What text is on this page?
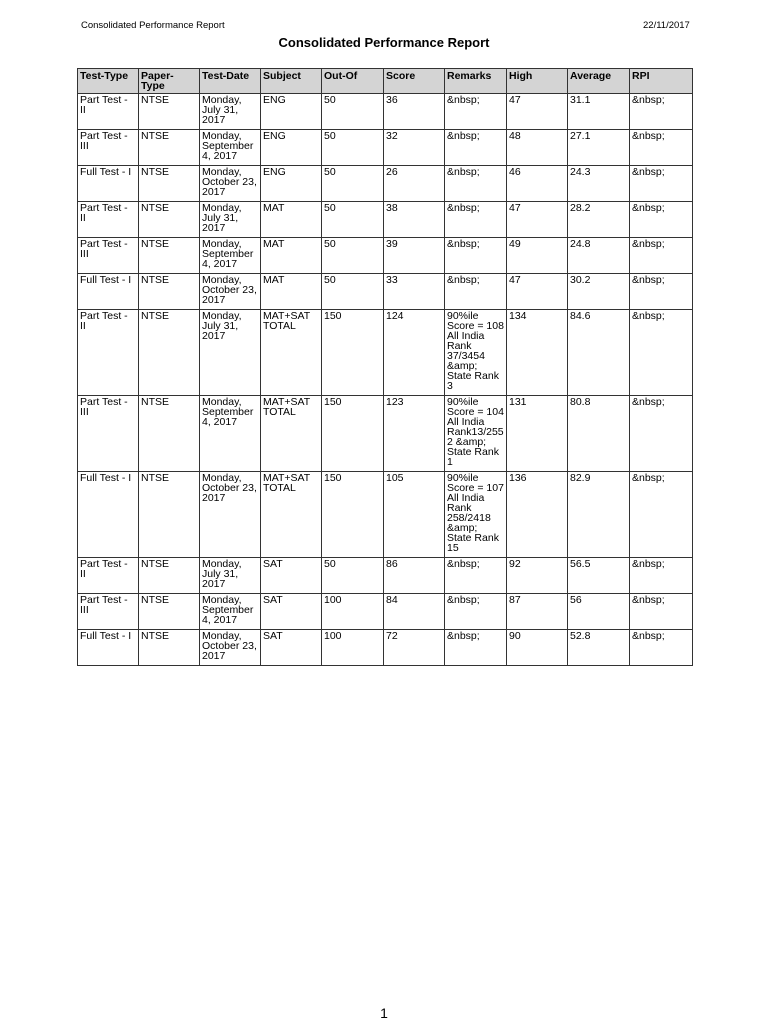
Consolidated Performance Report	22/11/2017
Consolidated Performance Report
Test-Type	Paper-Type	Test-Date	Subject	Out-Of	Score	Remarks	High	Average	RPI
Part Test - II	NTSE	Monday, July 31, 2017	ENG	50	36	&nbsp;	47	31.1	&nbsp;
Part Test - III	NTSE	Monday, September 4, 2017	ENG	50	32	&nbsp;	48	27.1	&nbsp;
Full Test - I	NTSE	Monday, October 23, 2017	ENG	50	26	&nbsp;	46	24.3	&nbsp;
Part Test - II	NTSE	Monday, July 31, 2017	MAT	50	38	&nbsp;	47	28.2	&nbsp;
Part Test - III	NTSE	Monday, September 4, 2017	MAT	50	39	&nbsp;	49	24.8	&nbsp;
Full Test - I	NTSE	Monday, October 23, 2017	MAT	50	33	&nbsp;	47	30.2	&nbsp;
Part Test - II	NTSE	Monday, July 31, 2017	MAT+SAT TOTAL	150	124	90%ile Score = 108 All India Rank 37/3454 &amp; State Rank 3	134	84.6	&nbsp;
Part Test - III	NTSE	Monday, September 4, 2017	MAT+SAT TOTAL	150	123	90%ile Score = 104 All India Rank13/2552 &amp; State Rank 1	131	80.8	&nbsp;
Full Test - I	NTSE	Monday, October 23, 2017	MAT+SAT TOTAL	150	105	90%ile Score = 107 All India Rank 258/2418 &amp; State Rank 15	136	82.9	&nbsp;
Part Test - II	NTSE	Monday, July 31, 2017	SAT	50	86	&nbsp;	92	56.5	&nbsp;
Part Test - III	NTSE	Monday, September 4, 2017	SAT	100	84	&nbsp;	87	56	&nbsp;
Full Test - I	NTSE	Monday, October 23, 2017	SAT	100	72	&nbsp;	90	52.8	&nbsp;
1
